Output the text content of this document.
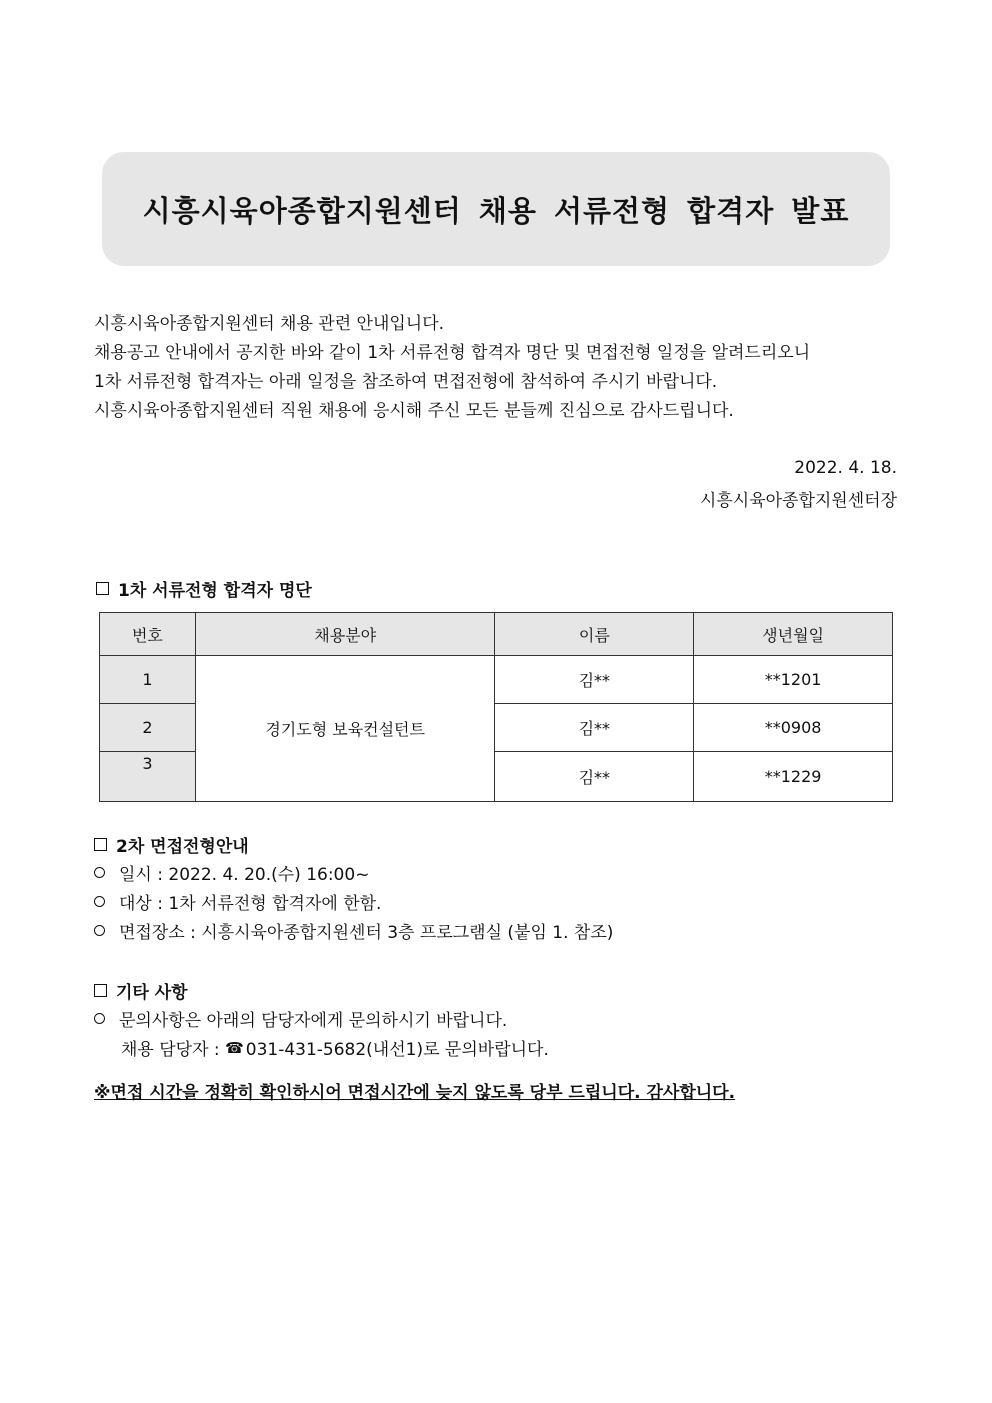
시흥시육아종합지원센터 채용 서류전형 합격자 발표

시흥시육아종합지원센터 채용 관련 안내입니다.

채용공고 안내에서 공지한 바와 같이 1차 서류전형 합격자 명단 및 면접전형 일정을 알려드리오니

1차 서류전형 합격자는 아래 일정을 참조하여 면접전형에 참석하여 주시기 바랍니다.

시흥시육아종합지원센터 직원 채용에 응시해 주신 모든 분들께 진심으로 감사드립니다.

2022. 4. 18.
시흥시육아종합지원센터장
1차 서류전형 합격자 명단
번호	채용분야	이름	생년월일
1	경기도형 보육컨설턴트	김**	**1201
2		김**	**0908
3		김**	**1229
2차 면접전형안내
일시 : 2022. 4. 20.(수) 16:00~
대상 : 1차 서류전형 합격자에 한함.
면접장소 : 시흥시육아종합지원센터 3층 프로그램실 (붙임 1. 참조)
기타 사항
문의사항은 아래의 담당자에게 문의하시기 바랍니다.
채용 담당자 : ☎ 031-431-5682(내선1)로 문의바랍니다.
※면접 시간을 정확히 확인하시어 면접시간에 늦지 않도록 당부 드립니다. 감사합니다.
